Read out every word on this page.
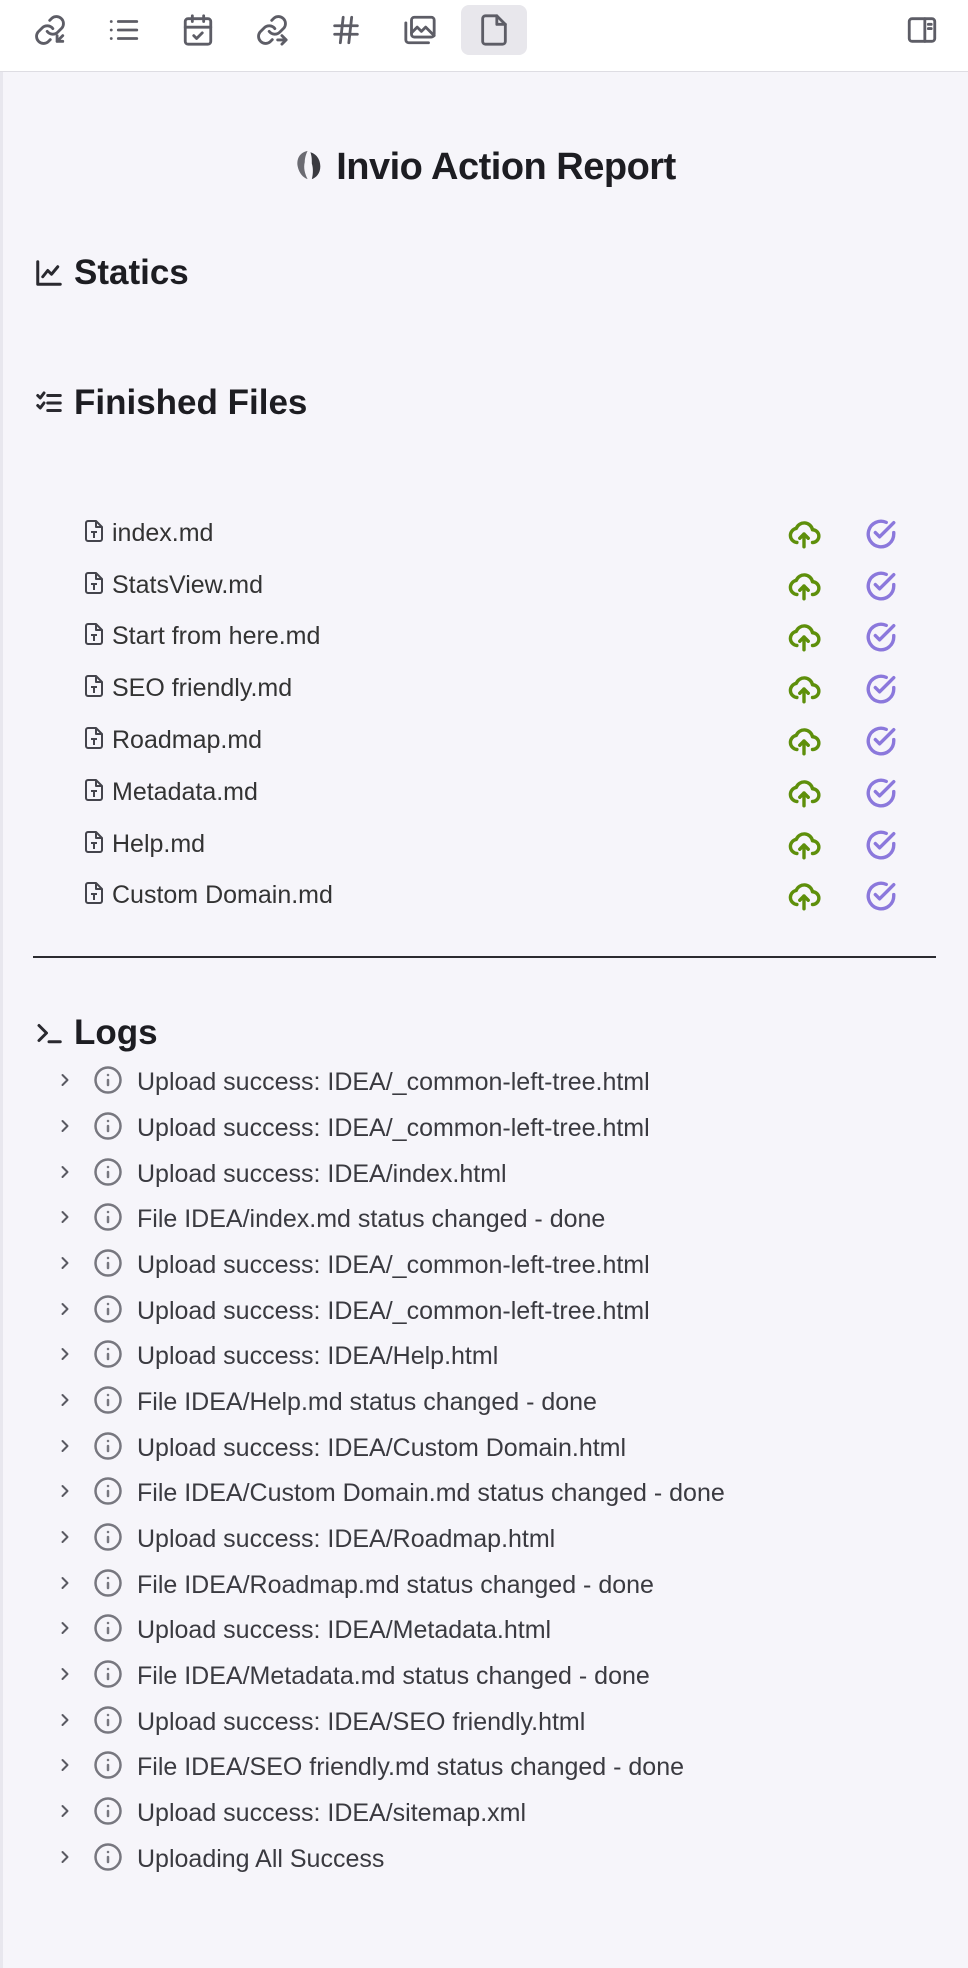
Invio Action Report
Statics
Finished Files
index.md
StatsView.md
Start from here.md
SEO friendly.md
Roadmap.md
Metadata.md
Help.md
Custom Domain.md
Logs
Upload success: IDEA/_common-left-tree.html
Upload success: IDEA/_common-left-tree.html
Upload success: IDEA/index.html
File IDEA/index.md status changed - done
Upload success: IDEA/_common-left-tree.html
Upload success: IDEA/_common-left-tree.html
Upload success: IDEA/Help.html
File IDEA/Help.md status changed - done
Upload success: IDEA/Custom Domain.html
File IDEA/Custom Domain.md status changed - done
Upload success: IDEA/Roadmap.html
File IDEA/Roadmap.md status changed - done
Upload success: IDEA/Metadata.html
File IDEA/Metadata.md status changed - done
Upload success: IDEA/SEO friendly.html
File IDEA/SEO friendly.md status changed - done
Upload success: IDEA/sitemap.xml
Uploading All Success
